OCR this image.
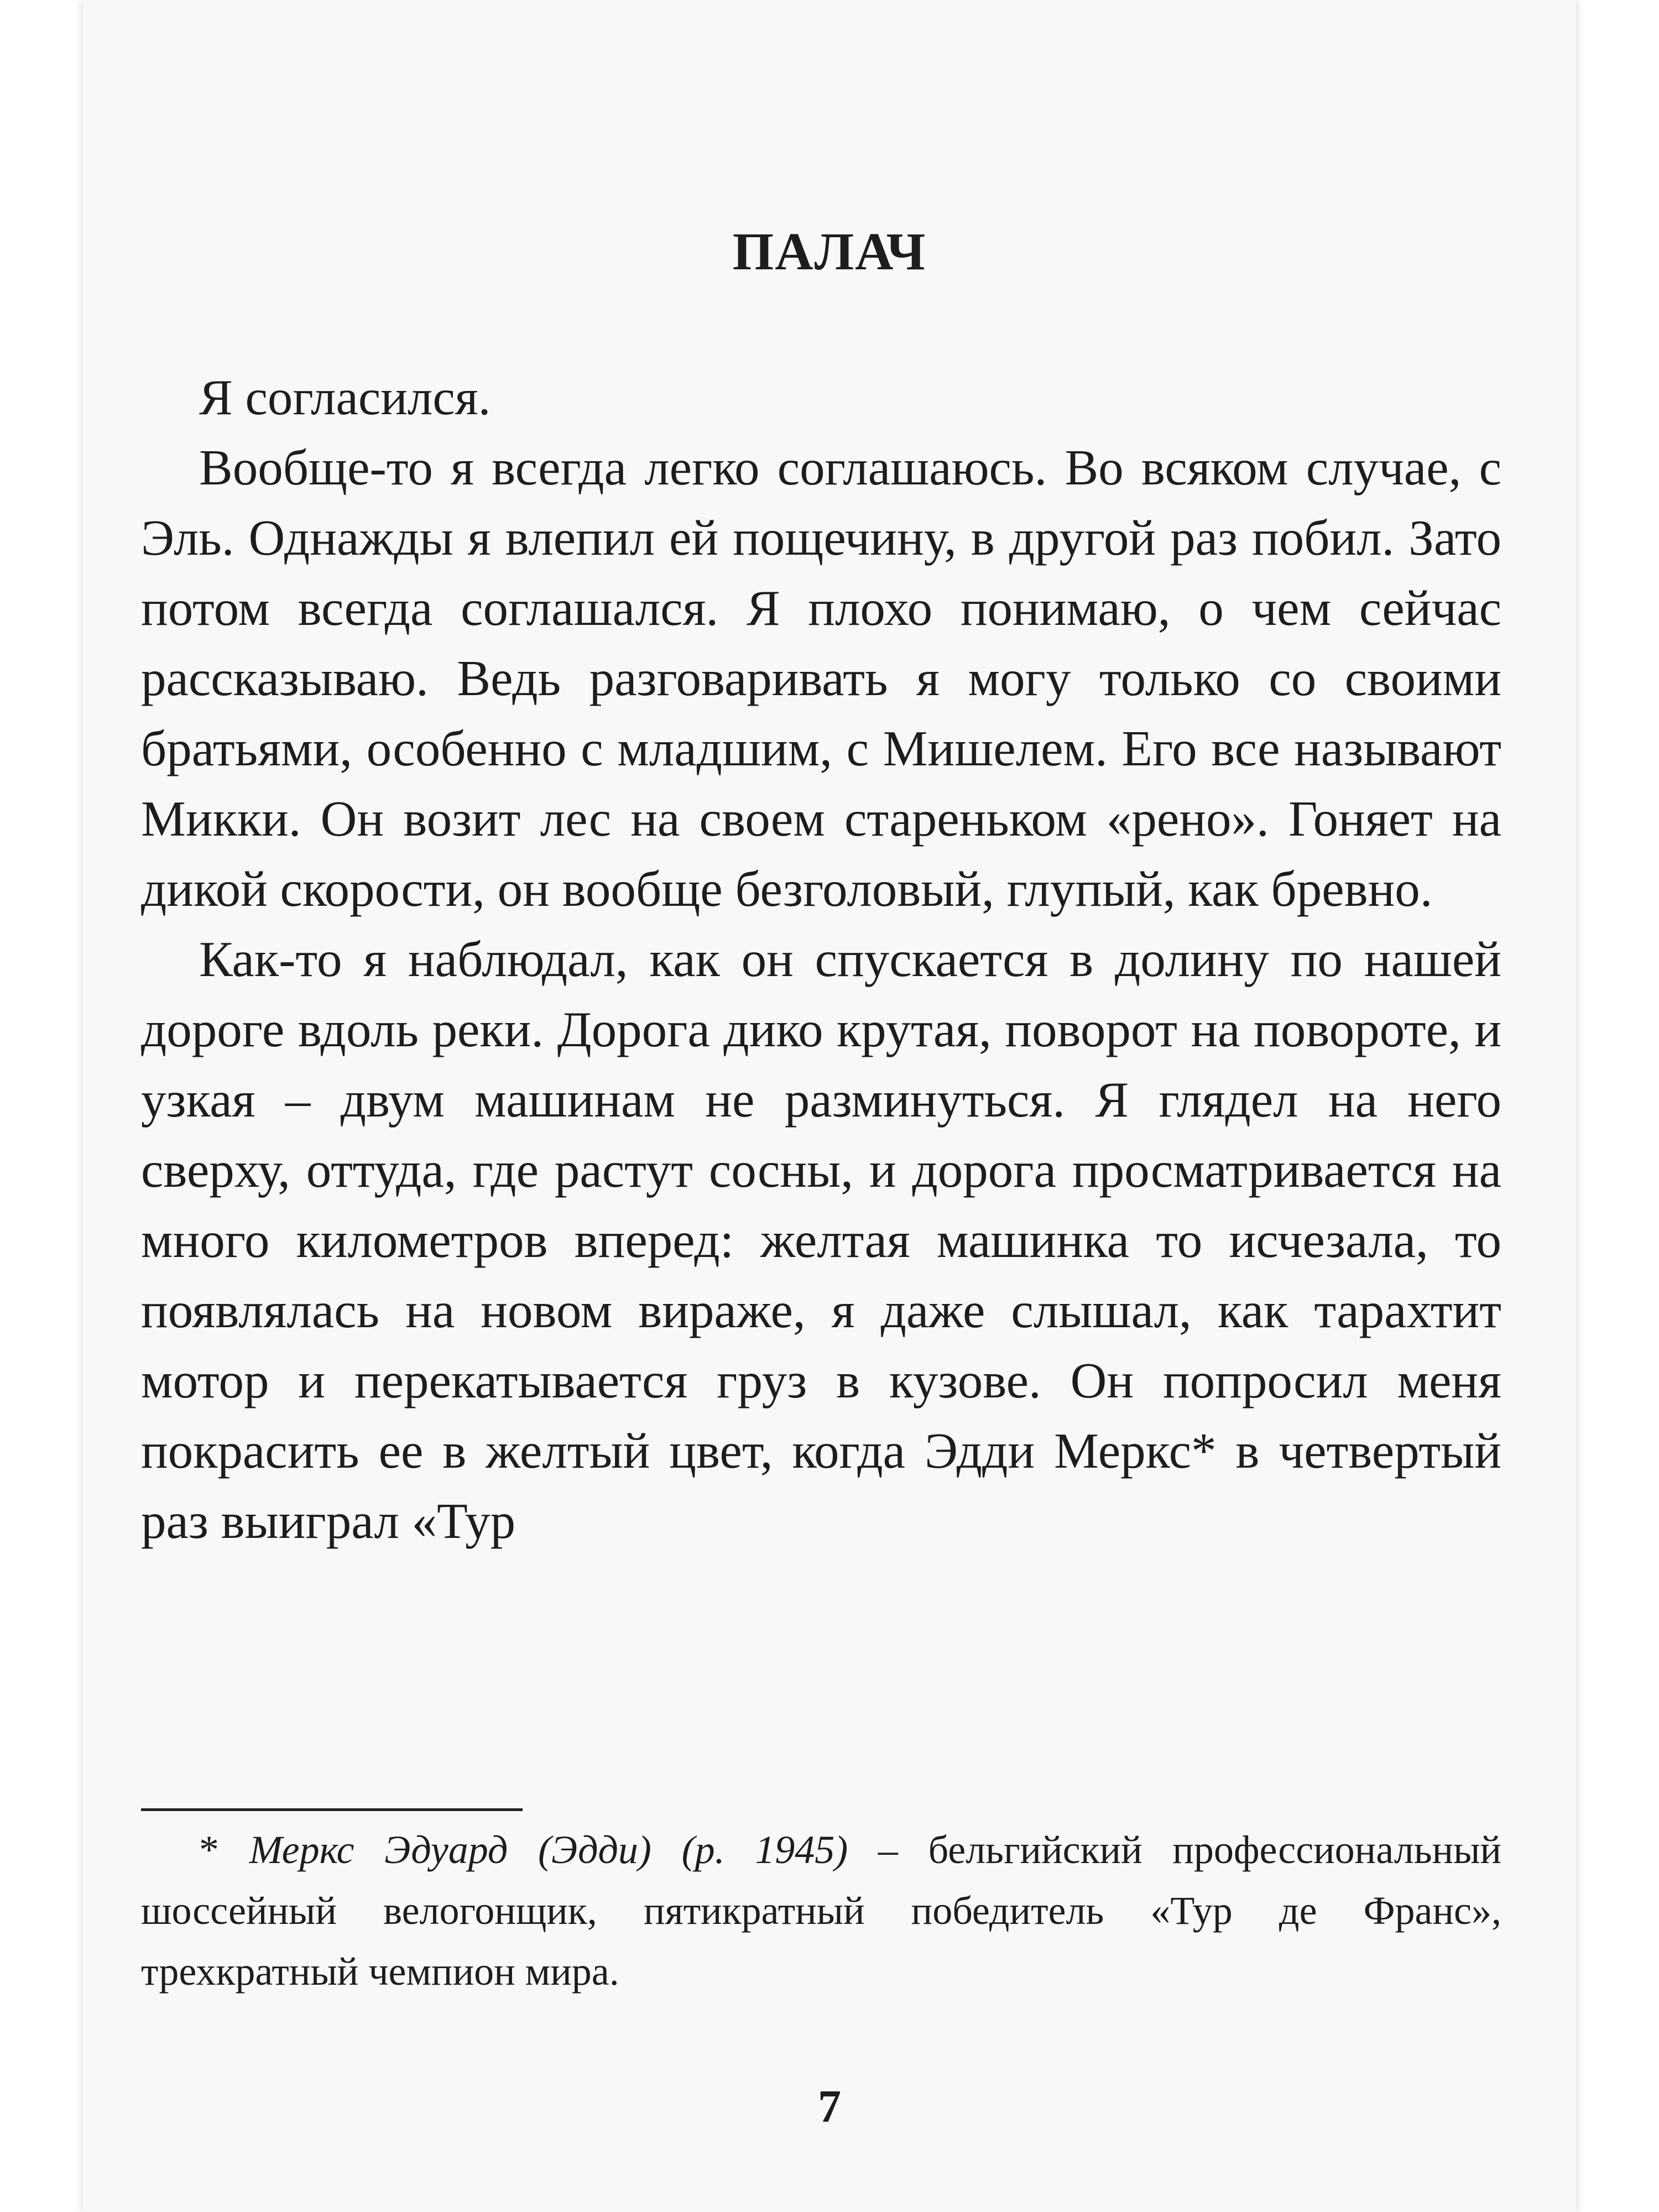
ПАЛАЧ

Я согласился.

Вообще-то я всегда легко соглашаюсь. Во всяком случае, с Эль. Однажды я влепил ей пощечину, в другой раз побил. Зато потом всегда соглашался. Я плохо понимаю, о чем сейчас рассказываю. Ведь разговаривать я могу только со своими братьями, особенно с младшим, с Мишелем. Его все называют Микки. Он возит лес на своем стареньком «рено». Гоняет на дикой скорости, он вообще безголовый, глупый, как бревно.

Как-то я наблюдал, как он спускается в долину по нашей дороге вдоль реки. Дорога дико крутая, поворот на повороте, и узкая – двум машинам не разминуться. Я глядел на него сверху, оттуда, где растут сосны, и дорога просматривается на много километров вперед: желтая машинка то исчезала, то появлялась на новом вираже, я даже слышал, как тарахтит мотор и перекатывается груз в кузове. Он попросил меня покрасить ее в желтый цвет, когда Эдди Меркс* в четвертый раз выиграл «Тур

* Меркс Эдуард (Эдди) (р. 1945) – бельгийский профессиональный шоссейный велогонщик, пятикратный победитель «Тур де Франс», трехкратный чемпион мира.
7
